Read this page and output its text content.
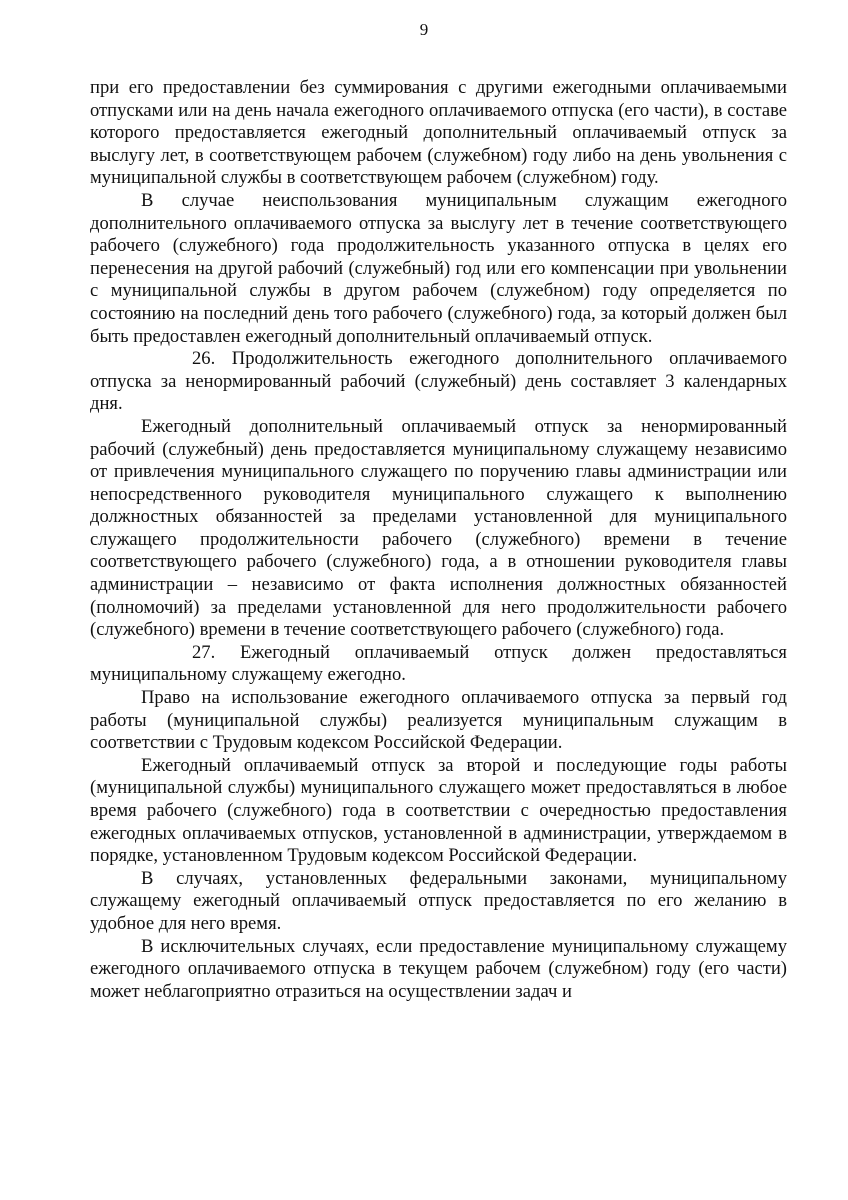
9

при его предоставлении без суммирования с другими ежегодными оплачиваемыми отпусками или на день начала ежегодного оплачиваемого отпуска (его части), в составе которого предоставляется ежегодный дополнительный оплачиваемый отпуск за выслугу лет, в соответствующем рабочем (служебном) году либо на день увольнения с муниципальной службы в соответствующем рабочем (служебном) году.

В случае неиспользования муниципальным служащим ежегодного дополнительного оплачиваемого отпуска за выслугу лет в течение соответствующего рабочего (служебного) года продолжительность указанного отпуска в целях его перенесения на другой рабочий (служебный) год или его компенсации при увольнении с муниципальной службы в другом рабочем (служебном) году определяется по состоянию на последний день того рабочего (служебного) года, за который должен был быть предоставлен ежегодный дополнительный оплачиваемый отпуск.

26. Продолжительность ежегодного дополнительного оплачиваемого отпуска за ненормированный рабочий (служебный) день составляет 3 календарных дня.

Ежегодный дополнительный оплачиваемый отпуск за ненормированный рабочий (служебный) день предоставляется муниципальному служащему независимо от привлечения муниципального служащего по поручению главы администрации или непосредственного руководителя муниципального служащего к выполнению должностных обязанностей за пределами установленной для муниципального служащего продолжительности рабочего (служебного) времени в течение соответствующего рабочего (служебного) года, а в отношении руководителя главы администрации – независимо от факта исполнения должностных обязанностей (полномочий) за пределами установленной для него продолжительности рабочего (служебного) времени в течение соответствующего рабочего (служебного) года.

27. Ежегодный оплачиваемый отпуск должен предоставляться муниципальному служащему ежегодно.

Право на использование ежегодного оплачиваемого отпуска за первый год работы (муниципальной службы) реализуется муниципальным служащим в соответствии с Трудовым кодексом Российской Федерации.

Ежегодный оплачиваемый отпуск за второй и последующие годы работы (муниципальной службы) муниципального служащего может предоставляться в любое время рабочего (служебного) года в соответствии с очередностью предоставления ежегодных оплачиваемых отпусков, установленной в администрации, утверждаемом в порядке, установленном Трудовым кодексом Российской Федерации.

В случаях, установленных федеральными законами, муниципальному служащему ежегодный оплачиваемый отпуск предоставляется по его желанию в удобное для него время.

В исключительных случаях, если предоставление муниципальному служащему ежегодного оплачиваемого отпуска в текущем рабочем (служебном) году (его части) может неблагоприятно отразиться на осуществлении задач и
